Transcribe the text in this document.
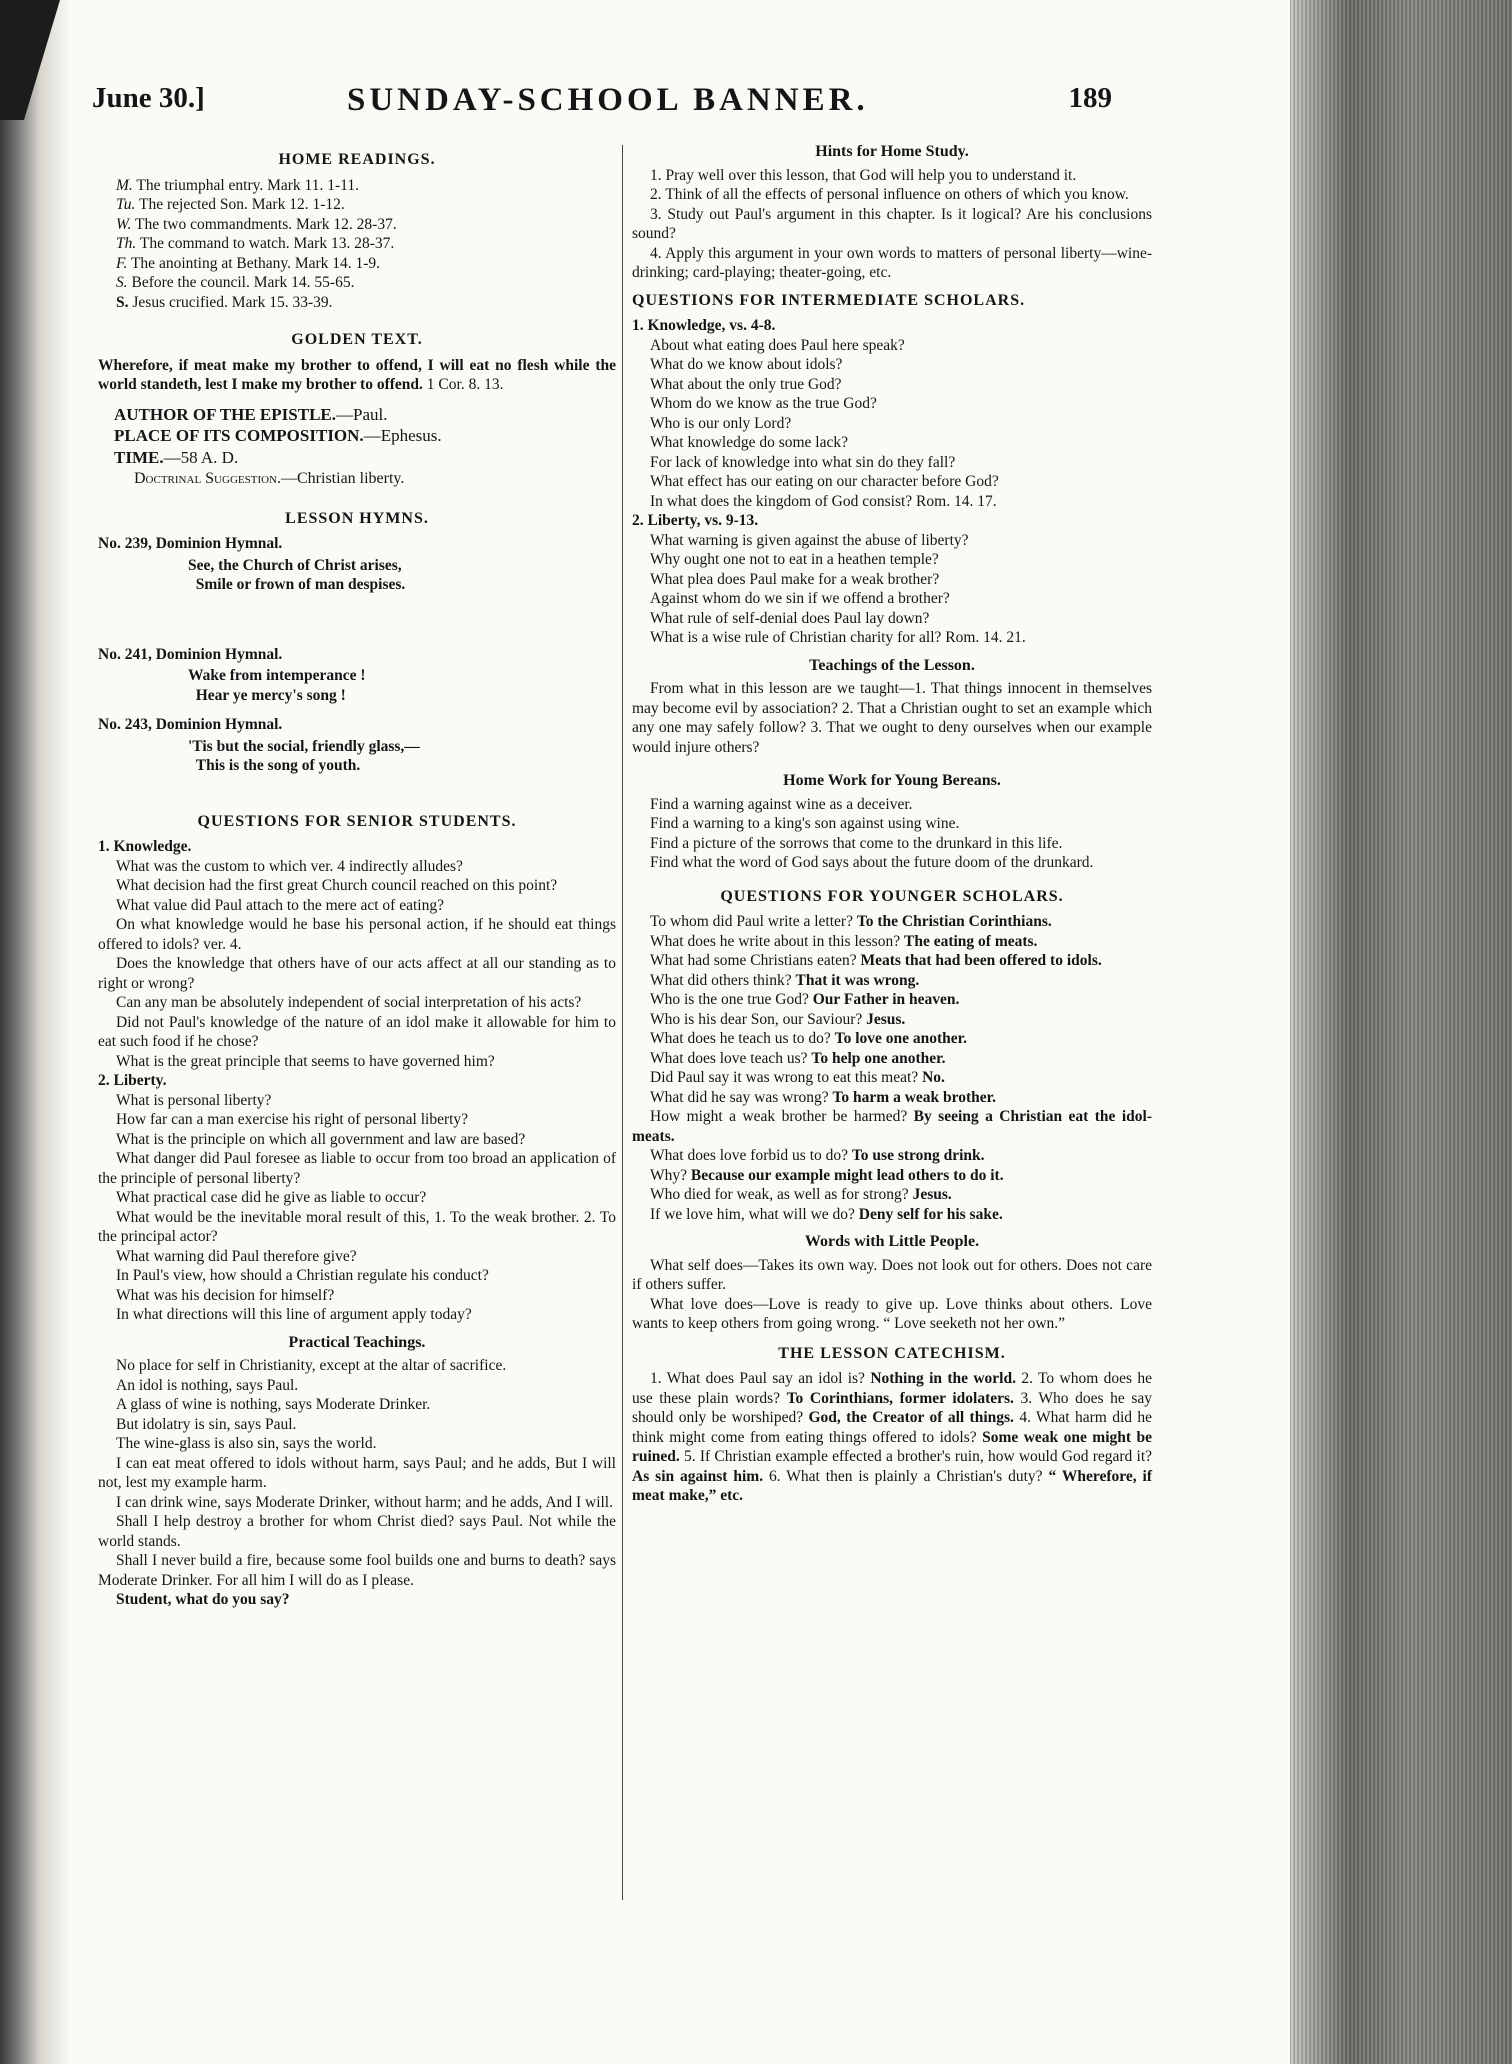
June 30.]	SUNDAY-SCHOOL BANNER.	189
HOME READINGS.

M. The triumphal entry. Mark 11. 1-11.

Tu. The rejected Son. Mark 12. 1-12.

W. The two commandments. Mark 12. 28-37.

Th. The command to watch. Mark 13. 28-37.

F. The anointing at Bethany. Mark 14. 1-9.

S. Before the council. Mark 14. 55-65.

S. Jesus crucified. Mark 15. 33-39.

GOLDEN TEXT.

Wherefore, if meat make my brother to offend, I will eat no flesh while the world standeth, lest I make my brother to offend. 1 Cor. 8. 13.

AUTHOR OF THE EPISTLE.—Paul.

PLACE OF ITS COMPOSITION.—Ephesus.

TIME.—58 A. D.

Doctrinal Suggestion.—Christian liberty.

LESSON HYMNS.

No. 239, Dominion Hymnal.

See, the Church of Christ arises,
Smile or frown of man despises.

No. 241, Dominion Hymnal.

Wake from intemperance !
Hear ye mercy's song !

No. 243, Dominion Hymnal.

'Tis but the social, friendly glass,—
This is the song of youth.

QUESTIONS FOR SENIOR STUDENTS.

1. Knowledge.

What was the custom to which ver. 4 indirectly alludes?

What decision had the first great Church council reached on this point?

What value did Paul attach to the mere act of eating?

On what knowledge would he base his personal action, if he should eat things offered to idols? ver. 4.

Does the knowledge that others have of our acts affect at all our standing as to right or wrong?

Can any man be absolutely independent of social interpretation of his acts?

Did not Paul's knowledge of the nature of an idol make it allowable for him to eat such food if he chose?

What is the great principle that seems to have governed him?

2. Liberty.

What is personal liberty?

How far can a man exercise his right of personal liberty?

What is the principle on which all government and law are based?

What danger did Paul foresee as liable to occur from too broad an application of the principle of personal liberty?

What practical case did he give as liable to occur?

What would be the inevitable moral result of this, 1. To the weak brother. 2. To the principal actor?

What warning did Paul therefore give?

In Paul's view, how should a Christian regulate his conduct?

What was his decision for himself?

In what directions will this line of argument apply today?

Practical Teachings.

No place for self in Christianity, except at the altar of sacrifice.

An idol is nothing, says Paul.

A glass of wine is nothing, says Moderate Drinker.

But idolatry is sin, says Paul.

The wine-glass is also sin, says the world.

I can eat meat offered to idols without harm, says Paul; and he adds, But I will not, lest my example harm.

I can drink wine, says Moderate Drinker, without harm; and he adds, And I will.

Shall I help destroy a brother for whom Christ died? says Paul. Not while the world stands.

Shall I never build a fire, because some fool builds one and burns to death? says Moderate Drinker. For all him I will do as I please.

Student, what do you say?

Hints for Home Study.

1. Pray well over this lesson, that God will help you to understand it.

2. Think of all the effects of personal influence on others of which you know.

3. Study out Paul's argument in this chapter. Is it logical? Are his conclusions sound?

4. Apply this argument in your own words to matters of personal liberty—wine-drinking; card-playing; theater-going, etc.

QUESTIONS FOR INTERMEDIATE SCHOLARS.

1. Knowledge, vs. 4-8.

About what eating does Paul here speak?

What do we know about idols?

What about the only true God?

Whom do we know as the true God?

Who is our only Lord?

What knowledge do some lack?

For lack of knowledge into what sin do they fall?

What effect has our eating on our character before God?

In what does the kingdom of God consist? Rom. 14. 17.

2. Liberty, vs. 9-13.

What warning is given against the abuse of liberty?

Why ought one not to eat in a heathen temple?

What plea does Paul make for a weak brother?

Against whom do we sin if we offend a brother?

What rule of self-denial does Paul lay down?

What is a wise rule of Christian charity for all? Rom. 14. 21.

Teachings of the Lesson.

From what in this lesson are we taught—1. That things innocent in themselves may become evil by association? 2. That a Christian ought to set an example which any one may safely follow? 3. That we ought to deny ourselves when our example would injure others?

Home Work for Young Bereans.

Find a warning against wine as a deceiver.

Find a warning to a king's son against using wine.

Find a picture of the sorrows that come to the drunkard in this life.

Find what the word of God says about the future doom of the drunkard.

QUESTIONS FOR YOUNGER SCHOLARS.

To whom did Paul write a letter? To the Christian Corinthians.

What does he write about in this lesson? The eating of meats.

What had some Christians eaten? Meats that had been offered to idols.

What did others think? That it was wrong.

Who is the one true God? Our Father in heaven.

Who is his dear Son, our Saviour? Jesus.

What does he teach us to do? To love one another.

What does love teach us? To help one another.

Did Paul say it was wrong to eat this meat? No.

What did he say was wrong? To harm a weak brother.

How might a weak brother be harmed? By seeing a Christian eat the idol-meats.

What does love forbid us to do? To use strong drink.

Why? Because our example might lead others to do it.

Who died for weak, as well as for strong? Jesus.

If we love him, what will we do? Deny self for his sake.

Words with Little People.

What self does—Takes its own way. Does not look out for others. Does not care if others suffer.

What love does—Love is ready to give up. Love thinks about others. Love wants to keep others from going wrong. “ Love seeketh not her own.”

THE LESSON CATECHISM.

1. What does Paul say an idol is? Nothing in the world. 2. To whom does he use these plain words? To Corinthians, former idolaters. 3. Who does he say should only be worshiped? God, the Creator of all things. 4. What harm did he think might come from eating things offered to idols? Some weak one might be ruined. 5. If Christian example effected a brother's ruin, how would God regard it? As sin against him. 6. What then is plainly a Christian's duty? “ Wherefore, if meat make,” etc.
